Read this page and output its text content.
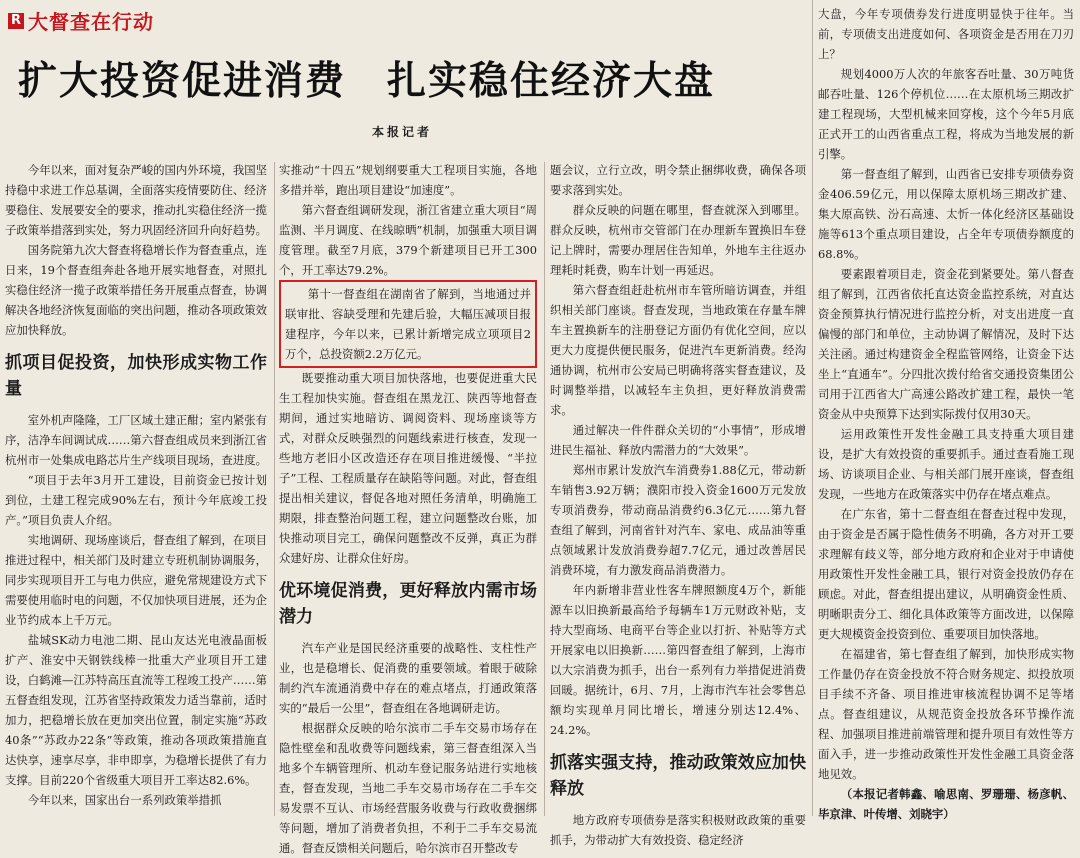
R 大督查在行动
扩大投资促进消费　扎实稳住经济大盘
本报记者

今年以来，面对复杂严峻的国内外环境，我国坚持稳中求进工作总基调，全面落实疫情要防住、经济要稳住、发展要安全的要求，推动扎实稳住经济一揽子政策举措落到实处，努力巩固经济回升向好趋势。

国务院第九次大督查将稳增长作为督查重点，连日来，19个督查组奔赴各地开展实地督查，对照扎实稳住经济一揽子政策举措任务开展重点督查，协调解决各地经济恢复面临的突出问题，推动各项政策效应加快释放。

抓项目促投资，加快形成实物工作量

室外机声隆隆，工厂区域土建正酣；室内紧张有序，洁净车间调试成……第六督查组成员来到浙江省杭州市一处集成电路芯片生产线项目现场，查进度。

“项目于去年3月开工建设，目前资金已按计划到位，土建工程完成90%左右，预计今年底竣工投产。”项目负责人介绍。

实地调研、现场座谈后，督查组了解到，在项目推进过程中，相关部门及时建立专班机制协调服务，同步实现项目开工与电力供应，避免常规建设方式下需要使用临时电的问题，不仅加快项目进展，还为企业节约成本上千万元。

盐城SK动力电池二期、昆山友达光电液晶面板扩产、淮安中天钢铁线棒一批重大产业项目开工建设，白鹤滩—江苏特高压直流等工程竣工投产……第五督查组发现，江苏省坚持政策发力适当靠前，适时加力，把稳增长放在更加突出位置，制定实施“苏政40条”“苏政办22条”等政策，推动各项政策措施直达快享，速享尽享，非申即享，为稳增长提供了有力支撑。目前220个省级重大项目开工率达82.6%。

今年以来，国家出台一系列政策举措抓

实推动“十四五”规划纲要重大工程项目实施，各地多措并举，跑出项目建设“加速度”。

第六督查组调研发现，浙江省建立重大项目“周监测、半月调度、在线晾晒”机制，加强重大项目调度管理。截至7月底，379个新建项目已开工300个，开工率达79.2%。

第十一督查组在湖南省了解到，当地通过并联审批、容缺受理和先建后验，大幅压减项目报建程序，今年以来，已累计新增完成立项项目2万个，总投资额2.2万亿元。

既要推动重大项目加快落地，也要促进重大民生工程加快实施。督查组在黑龙江、陕西等地督查期间，通过实地暗访、调阅资料、现场座谈等方式，对群众反映强烈的问题线索进行核查，发现一些地方老旧小区改造还存在项目推进缓慢、“半拉子”工程、工程质量存在缺陷等问题。对此，督查组提出相关建议，督促各地对照任务清单，明确施工期限，排查整治问题工程，建立问题整改台账，加快推动项目完工，确保问题整改不反弹，真正为群众建好房、让群众住好房。

优环境促消费，更好释放内需市场潜力

汽车产业是国民经济重要的战略性、支柱性产业，也是稳增长、促消费的重要领域。着眼于破除制约汽车流通消费中存在的难点堵点，打通政策落实的“最后一公里”，督查组在各地调研走访。

根据群众反映的哈尔滨市二手车交易市场存在隐性壁垒和乱收费等问题线索，第三督查组深入当地多个车辆管理所、机动车登记服务站进行实地核查，督查发现，当地二手车交易市场存在二手车交易发票不互认、市场经营服务收费与行政收费捆绑等问题，增加了消费者负担，不利于二手车交易流通。督查反馈相关问题后，哈尔滨市召开整改专

题会议，立行立改，明令禁止捆绑收费，确保各项要求落到实处。

群众反映的问题在哪里，督查就深入到哪里。群众反映，杭州市交管部门在办理新车置换旧车登记上牌时，需要办理居住告知单，外地车主往返办理耗时耗费，购车计划一再延迟。

第六督查组赶赴杭州市车管所暗访调查，并组织相关部门座谈。督查发现，当地政策在存量车牌车主置换新车的注册登记方面仍有优化空间，应以更大力度提供便民服务，促进汽车更新消费。经沟通协调，杭州市公安局已明确将落实督查建议，及时调整举措，以减轻车主负担，更好释放消费需求。

通过解决一件件群众关切的“小事情”，形成增进民生福祉、释放内需潜力的“大效果”。

郑州市累计发放汽车消费券1.88亿元，带动新车销售3.92万辆；濮阳市投入资金1600万元发放专项消费券，带动商品消费约6.3亿元……第九督查组了解到，河南省针对汽车、家电、成品油等重点领域累计发放消费券超7.7亿元，通过改善居民消费环境，有力激发商品消费潜力。

年内新增非营业性客车牌照额度4万个，新能源车以旧换新最高给予每辆车1万元财政补贴，支持大型商场、电商平台等企业以打折、补贴等方式开展家电以旧换新……第四督查组了解到，上海市以大宗消费为抓手，出台一系列有力举措促进消费回暖。据统计，6月、7月，上海市汽车社会零售总额均实现单月同比增长，增速分别达12.4%、24.2%。

抓落实强支持，推动政策效应加快释放

地方政府专项债券是落实积极财政政策的重要抓手，为带动扩大有效投资、稳定经济

大盘，今年专项债券发行进度明显快于往年。当前，专项债支出进度如何、各项资金是否用在刀刃上？

规划4000万人次的年旅客吞吐量、30万吨货邮吞吐量、126个停机位……在太原机场三期改扩建工程现场，大型机械来回穿梭，这个今年5月底正式开工的山西省重点工程，将成为当地发展的新引擎。

第一督查组了解到，山西省已安排专项债券资金406.59亿元，用以保障太原机场三期改扩建、集大原高铁、汾石高速、太忻一体化经济区基础设施等613个重点项目建设，占全年专项债券额度的68.8%。

要素跟着项目走，资金花到紧要处。第八督查组了解到，江西省依托直达资金监控系统，对直达资金预算执行情况进行监控分析，对支出进度一直偏慢的部门和单位，主动协调了解情况，及时下达关注函。通过构建资金全程监管网络，让资金下达坐上“直通车”。分四批次拨付给省交通投资集团公司用于江西省大广高速公路改扩建工程，最快一笔资金从中央预算下达到实际拨付仅用30天。

运用政策性开发性金融工具支持重大项目建设，是扩大有效投资的重要抓手。通过查看施工现场、访谈项目企业、与相关部门展开座谈，督查组发现，一些地方在政策落实中仍存在堵点难点。

在广东省，第十二督查组在督查过程中发现，由于资金是否属于隐性债务不明确，各方对开工要求理解有歧义等，部分地方政府和企业对于申请使用政策性开发性金融工具，银行对资金投放仍存在顾虑。对此，督查组提出建议，从明确资金性质、明晰职责分工、细化具体政策等方面改进，以保障更大规模资金投资到位、重要项目加快落地。

在福建省，第七督查组了解到，加快形成实物工作量仍存在资金投放不符合财务规定、拟投放项目手续不齐备、项目推进审核流程协调不足等堵点。督查组建议，从规范资金投放各环节操作流程、加强项目推进前端管理和提升项目有效性等方面入手，进一步推动政策性开发性金融工具资金落地见效。

（本报记者韩鑫、喻思南、罗珊珊、杨彦帆、毕京津、叶传增、刘晓宇）
